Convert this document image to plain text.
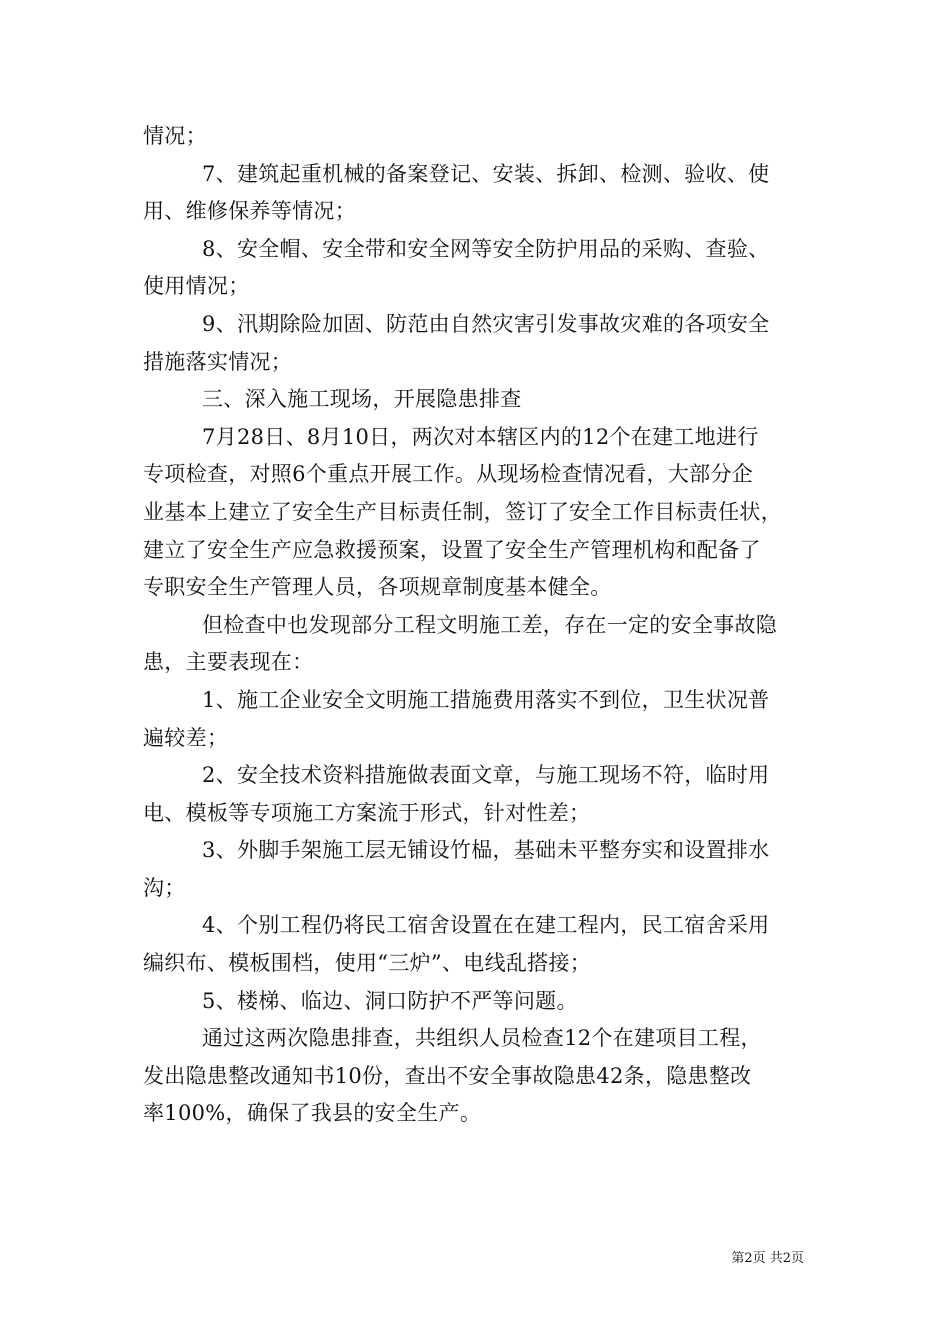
情况；
7、建筑起重机械的备案登记、安装、拆卸、检测、验收、使
用、维修保养等情况；
8、安全帽、安全带和安全网等安全防护用品的采购、查验、
使用情况；
9、汛期除险加固、防范由自然灾害引发事故灾难的各项安全
措施落实情况；
三、深入施工现场，开展隐患排查
7月28日、8月10日，两次对本辖区内的12个在建工地进行
专项检查，对照6个重点开展工作。从现场检查情况看，大部分企
业基本上建立了安全生产目标责任制，签订了安全工作目标责任状，
建立了安全生产应急救援预案，设置了安全生产管理机构和配备了
专职安全生产管理人员，各项规章制度基本健全。
但检查中也发现部分工程文明施工差，存在一定的安全事故隐
患，主要表现在：
1、施工企业安全文明施工措施费用落实不到位，卫生状况普
遍较差；
2、安全技术资料措施做表面文章，与施工现场不符，临时用
电、模板等专项施工方案流于形式，针对性差；
3、外脚手架施工层无铺设竹榀，基础未平整夯实和设置排水
沟；
4、个别工程仍将民工宿舍设置在在建工程内，民工宿舍采用
编织布、模板围档，使用“三炉”、电线乱搭接；
5、楼梯、临边、洞口防护不严等问题。
通过这两次隐患排查，共组织人员检查12个在建项目工程，
发出隐患整改通知书10份，查出不安全事故隐患42条，隐患整改
率100%，确保了我县的安全生产。
第2页 共2页
